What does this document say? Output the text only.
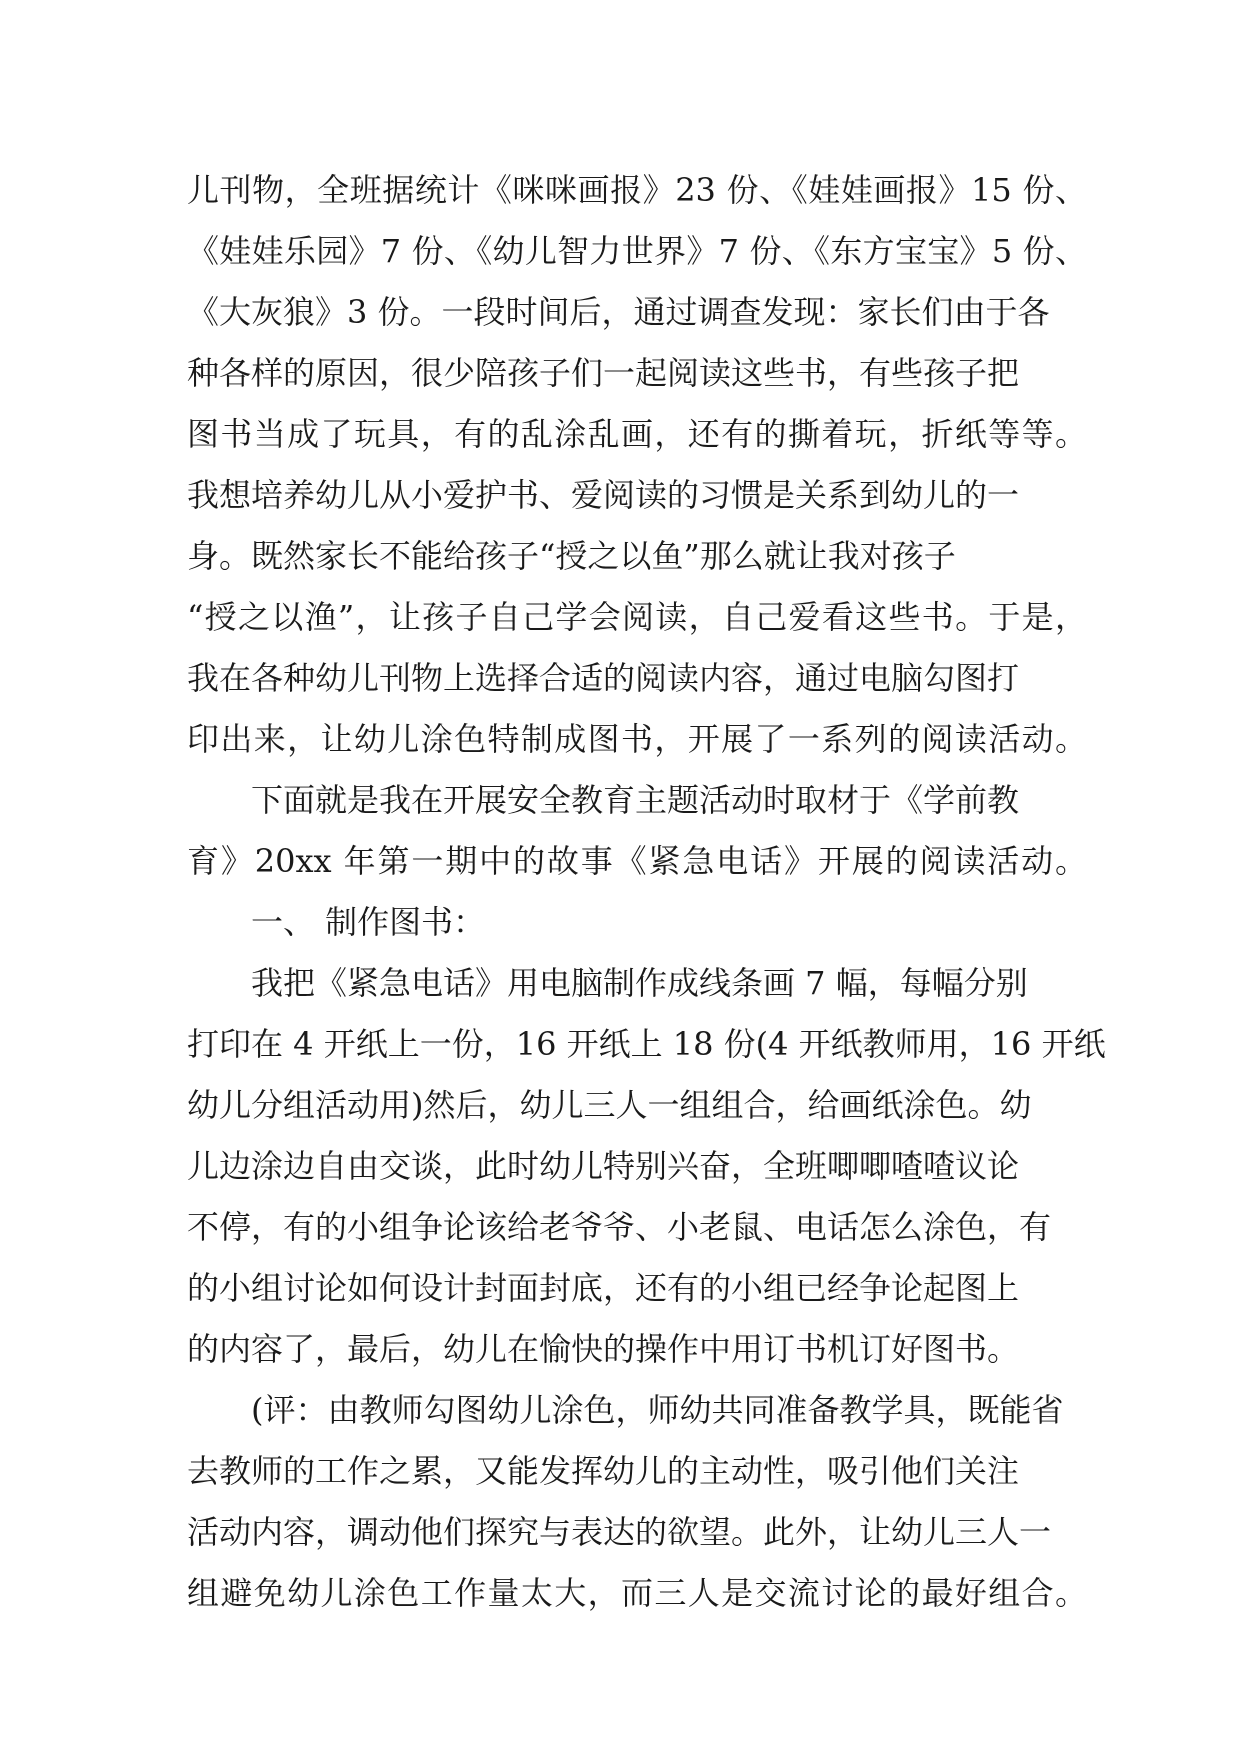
儿刊物，全班据统计《咪咪画报》23 份、《娃娃画报》15 份、
《娃娃乐园》7 份、《幼儿智力世界》7 份、《东方宝宝》5 份、
《大灰狼》3 份。一段时间后，通过调查发现：家长们由于各
种各样的原因，很少陪孩子们一起阅读这些书，有些孩子把
图书当成了玩具，有的乱涂乱画，还有的撕着玩，折纸等等。
我想培养幼儿从小爱护书、爱阅读的习惯是关系到幼儿的一
身。既然家长不能给孩子“授之以鱼”那么就让我对孩子
“授之以渔”，让孩子自己学会阅读，自己爱看这些书。于是，
我在各种幼儿刊物上选择合适的阅读内容，通过电脑勾图打
印出来，让幼儿涂色特制成图书，开展了一系列的阅读活动。
下面就是我在开展安全教育主题活动时取材于《学前教
育》20xx 年第一期中的故事《紧急电话》开展的阅读活动。
一、 制作图书：
我把《紧急电话》用电脑制作成线条画 7 幅，每幅分别
打印在 4 开纸上一份，16 开纸上 18 份(4 开纸教师用，16 开纸
幼儿分组活动用)然后，幼儿三人一组组合，给画纸涂色。幼
儿边涂边自由交谈，此时幼儿特别兴奋，全班唧唧喳喳议论
不停，有的小组争论该给老爷爷、小老鼠、电话怎么涂色，有
的小组讨论如何设计封面封底，还有的小组已经争论起图上
的内容了，最后，幼儿在愉快的操作中用订书机订好图书。
(评：由教师勾图幼儿涂色，师幼共同准备教学具，既能省
去教师的工作之累，又能发挥幼儿的主动性，吸引他们关注
活动内容，调动他们探究与表达的欲望。此外，让幼儿三人一
组避免幼儿涂色工作量太大，而三人是交流讨论的最好组合。
